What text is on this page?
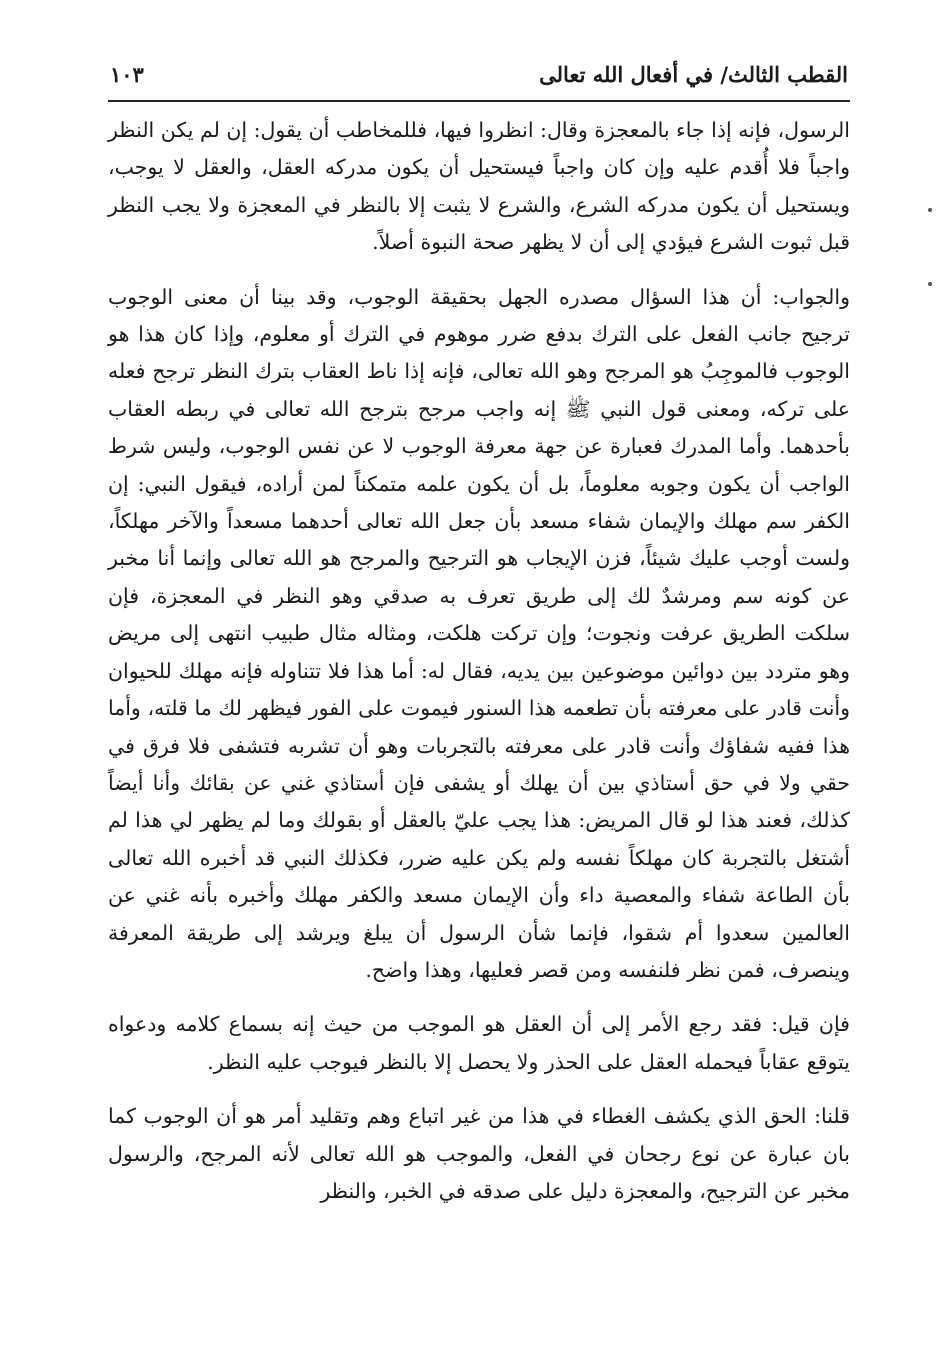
القطب الثالث/ في أفعال الله تعالى
١٠٣

الرسول، فإنه إذا جاء بالمعجزة وقال: انظروا فيها، فللمخاطب أن يقول: إن لم يكن النظر واجباً فلا أُقدم عليه وإن كان واجباً فيستحيل أن يكون مدركه العقل، والعقل لا يوجب، ويستحيل أن يكون مدركه الشرع، والشرع لا يثبت إلا بالنظر في المعجزة ولا يجب النظر قبل ثبوت الشرع فيؤدي إلى أن لا يظهر صحة النبوة أصلاً.

والجواب: أن هذا السؤال مصدره الجهل بحقيقة الوجوب، وقد بينا أن معنى الوجوب ترجيح جانب الفعل على الترك بدفع ضرر موهوم في الترك أو معلوم، وإذا كان هذا هو الوجوب فالموجِبُ هو المرجح وهو الله تعالى، فإنه إذا ناط العقاب بترك النظر ترجح فعله على تركه، ومعنى قول النبي ﷺ إنه واجب مرجح بترجح الله تعالى في ربطه العقاب بأحدهما. وأما المدرك فعبارة عن جهة معرفة الوجوب لا عن نفس الوجوب، وليس شرط الواجب أن يكون وجوبه معلوماً، بل أن يكون علمه متمكناً لمن أراده، فيقول النبي: إن الكفر سم مهلك والإيمان شفاء مسعد بأن جعل الله تعالى أحدهما مسعداً والآخر مهلكاً، ولست أوجب عليك شيئاً، فزن الإيجاب هو الترجيح والمرجح هو الله تعالى وإنما أنا مخبر عن كونه سم ومرشدٌ لك إلى طريق تعرف به صدقي وهو النظر في المعجزة، فإن سلكت الطريق عرفت ونجوت؛ وإن تركت هلكت، ومثاله مثال طبيب انتهى إلى مريض وهو متردد بين دوائين موضوعين بين يديه، فقال له: أما هذا فلا تتناوله فإنه مهلك للحيوان وأنت قادر على معرفته بأن تطعمه هذا السنور فيموت على الفور فيظهر لك ما قلته، وأما هذا ففيه شفاؤك وأنت قادر على معرفته بالتجربات وهو أن تشربه فتشفى فلا فرق في حقي ولا في حق أستاذي بين أن يهلك أو يشفى فإن أستاذي غني عن بقائك وأنا أيضاً كذلك، فعند هذا لو قال المريض: هذا يجب عليّ بالعقل أو بقولك وما لم يظهر لي هذا لم أشتغل بالتجربة كان مهلكاً نفسه ولم يكن عليه ضرر، فكذلك النبي قد أخبره الله تعالى بأن الطاعة شفاء والمعصية داء وأن الإيمان مسعد والكفر مهلك وأخبره بأنه غني عن العالمين سعدوا أم شقوا، فإنما شأن الرسول أن يبلغ ويرشد إلى طريقة المعرفة وينصرف، فمن نظر فلنفسه ومن قصر فعليها، وهذا واضح.

فإن قيل: فقد رجع الأمر إلى أن العقل هو الموجب من حيث إنه بسماع كلامه ودعواه يتوقع عقاباً فيحمله العقل على الحذر ولا يحصل إلا بالنظر فيوجب عليه النظر.

قلنا: الحق الذي يكشف الغطاء في هذا من غير اتباع وهم وتقليد أمر هو أن الوجوب كما بان عبارة عن نوع رجحان في الفعل، والموجب هو الله تعالى لأنه المرجح، والرسول مخبر عن الترجيح، والمعجزة دليل على صدقه في الخبر، والنظر
